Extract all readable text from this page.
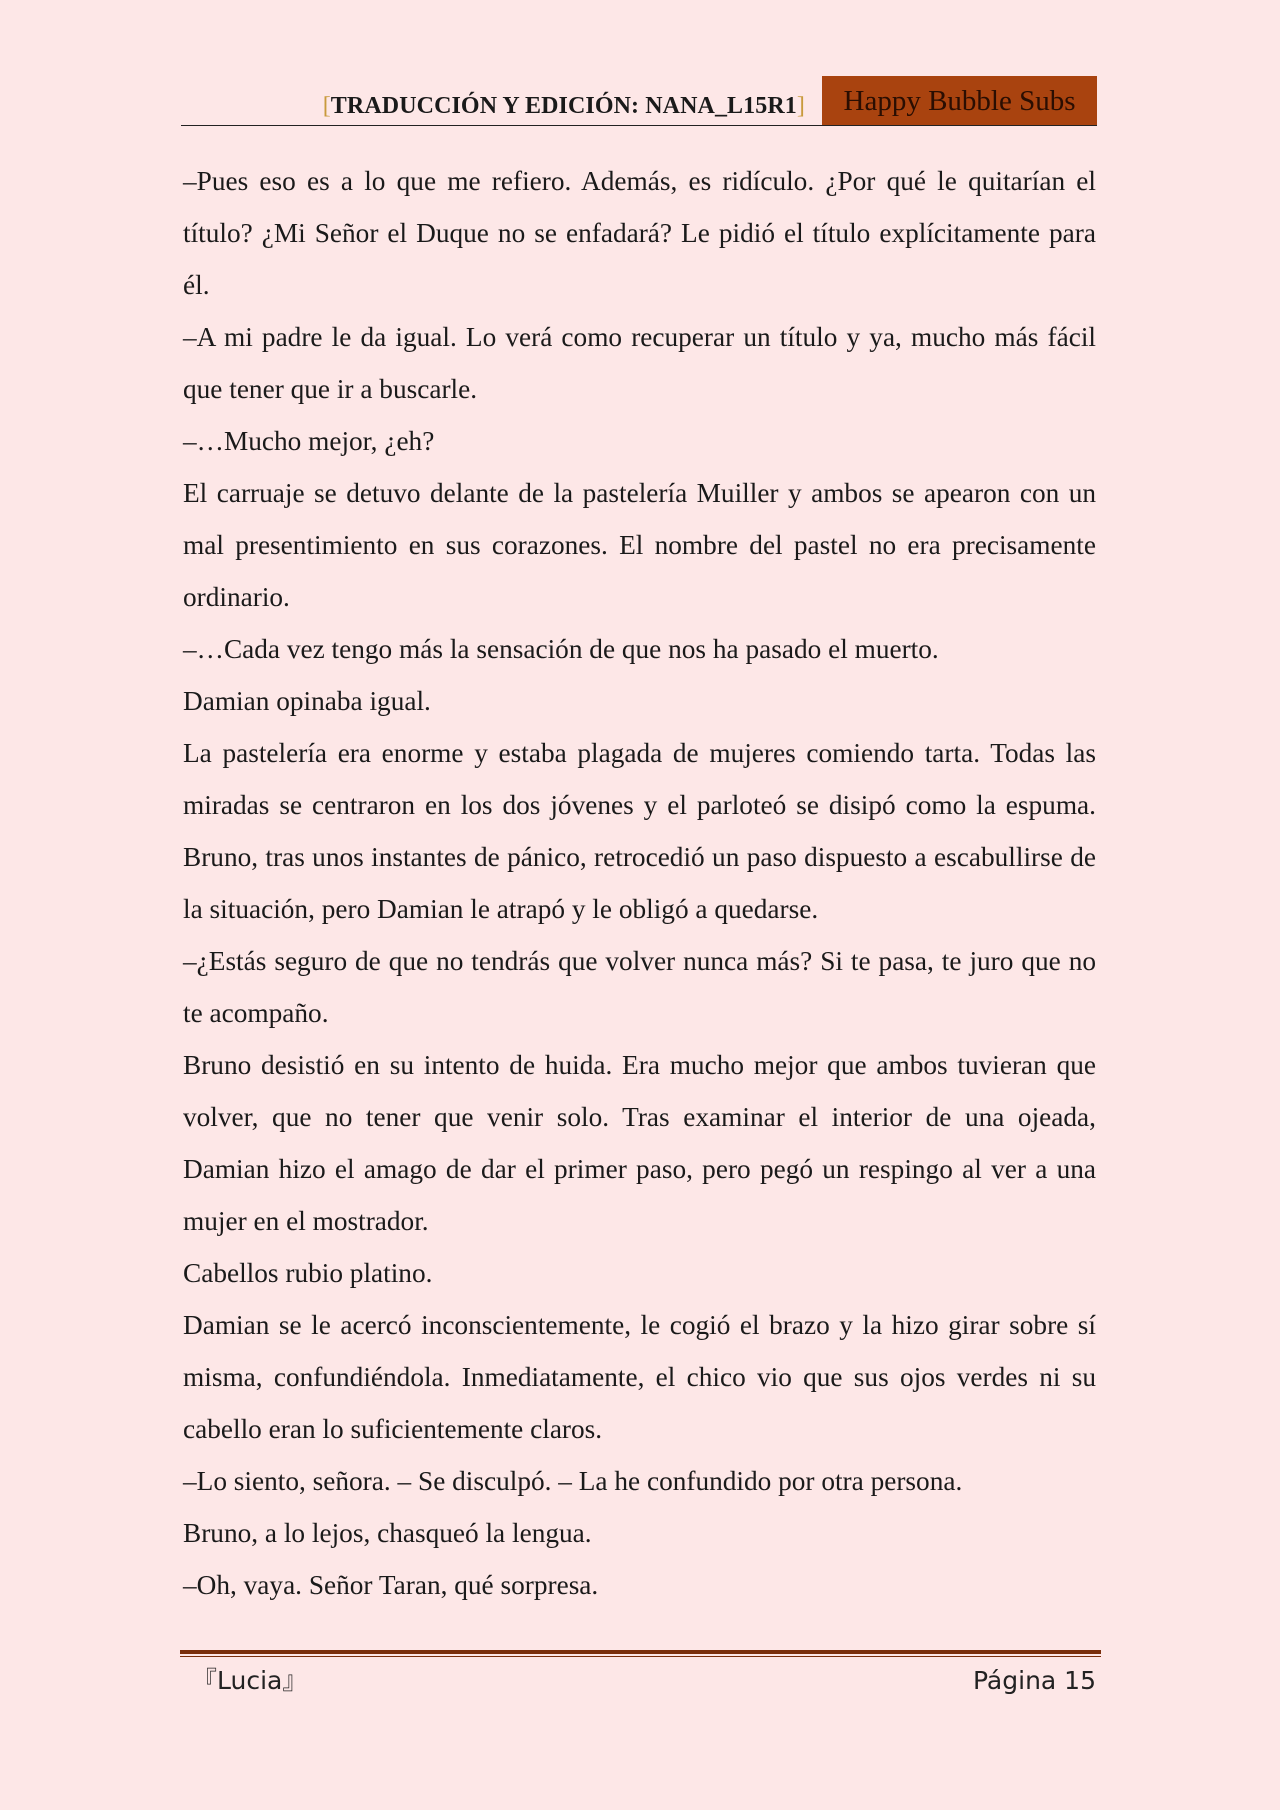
[TRADUCCIÓN Y EDICIÓN: NANA_L15R1]	Happy Bubble Subs

–Pues eso es a lo que me refiero. Además, es ridículo. ¿Por qué le quitarían el título? ¿Mi Señor el Duque no se enfadará? Le pidió el título explícitamente para él.

–A mi padre le da igual. Lo verá como recuperar un título y ya, mucho más fácil que tener que ir a buscarle.

–…Mucho mejor, ¿eh?

El carruaje se detuvo delante de la pastelería Muiller y ambos se apearon con un mal presentimiento en sus corazones. El nombre del pastel no era precisamente ordinario.

–…Cada vez tengo más la sensación de que nos ha pasado el muerto.

Damian opinaba igual.

La pastelería era enorme y estaba plagada de mujeres comiendo tarta. Todas las miradas se centraron en los dos jóvenes y el parloteó se disipó como la espuma. Bruno, tras unos instantes de pánico, retrocedió un paso dispuesto a escabullirse de la situación, pero Damian le atrapó y le obligó a quedarse.

–¿Estás seguro de que no tendrás que volver nunca más? Si te pasa, te juro que no te acompaño.

Bruno desistió en su intento de huida. Era mucho mejor que ambos tuvieran que volver, que no tener que venir solo. Tras examinar el interior de una ojeada, Damian hizo el amago de dar el primer paso, pero pegó un respingo al ver a una mujer en el mostrador.

Cabellos rubio platino.

Damian se le acercó inconscientemente, le cogió el brazo y la hizo girar sobre sí misma, confundiéndola. Inmediatamente, el chico vio que sus ojos verdes ni su cabello eran lo suficientemente claros.

–Lo siento, señora. – Se disculpó. – La he confundido por otra persona.

Bruno, a lo lejos, chasqueó la lengua.

–Oh, vaya. Señor Taran, qué sorpresa.

『Lucia』	Página 15
